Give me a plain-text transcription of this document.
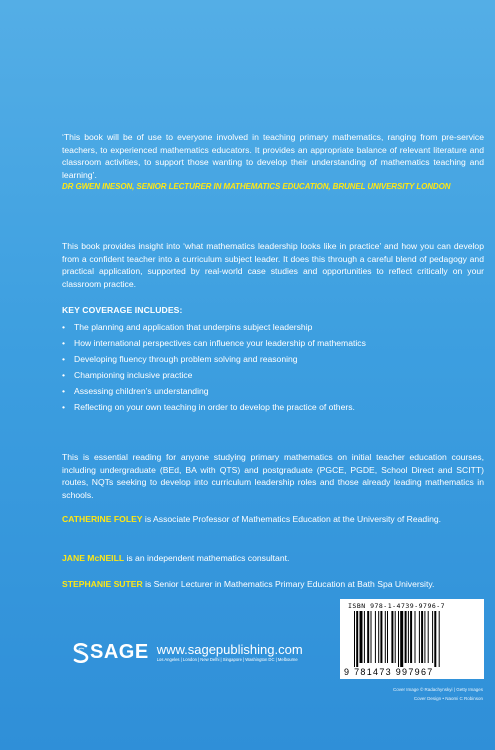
‘This book will be of use to everyone involved in teaching primary mathematics, ranging from pre-service teachers, to experienced mathematics educators. It provides an appropriate balance of relevant literature and classroom activities, to support those wanting to develop their understanding of mathematics teaching and learning’.

DR GWEN INESON, SENIOR LECTURER IN MATHEMATICS EDUCATION, BRUNEL UNIVERSITY LONDON

This book provides insight into ‘what mathematics leadership looks like in practice’ and how you can develop from a confident teacher into a curriculum subject leader. It does this through a careful blend of pedagogy and practical application, supported by real-world case studies and opportunities to reflect critically on your classroom practice.

KEY COVERAGE INCLUDES:

•	The planning and application that underpins subject leadership
•	How international perspectives can influence your leadership of mathematics
•	Developing fluency through problem solving and reasoning
•	Championing inclusive practice
•	Assessing children’s understanding
•	Reflecting on your own teaching in order to develop the practice of others.

This is essential reading for anyone studying primary mathematics on initial teacher education courses, including undergraduate (BEd, BA with QTS) and postgraduate (PGCE, PGDE, School Direct and SCITT) routes, NQTs seeking to develop into curriculum leadership roles and those already leading mathematics in schools.

CATHERINE FOLEY is Associate Professor of Mathematics Education at the University of Reading.

JANE McNEILL is an independent mathematics consultant.

STEPHANIE SUTER is Senior Lecturer in Mathematics Primary Education at Bath Spa University.

SAGE www.sagepublishing.com
Los Angeles | London | New Delhi | Singapore | Washington DC | Melbourne
ISBN 978-1-4739-9796-7
9 781473 997967
Cover Image © Radachynskyi | Getty Images
Cover Design • Naomi C Robinson
